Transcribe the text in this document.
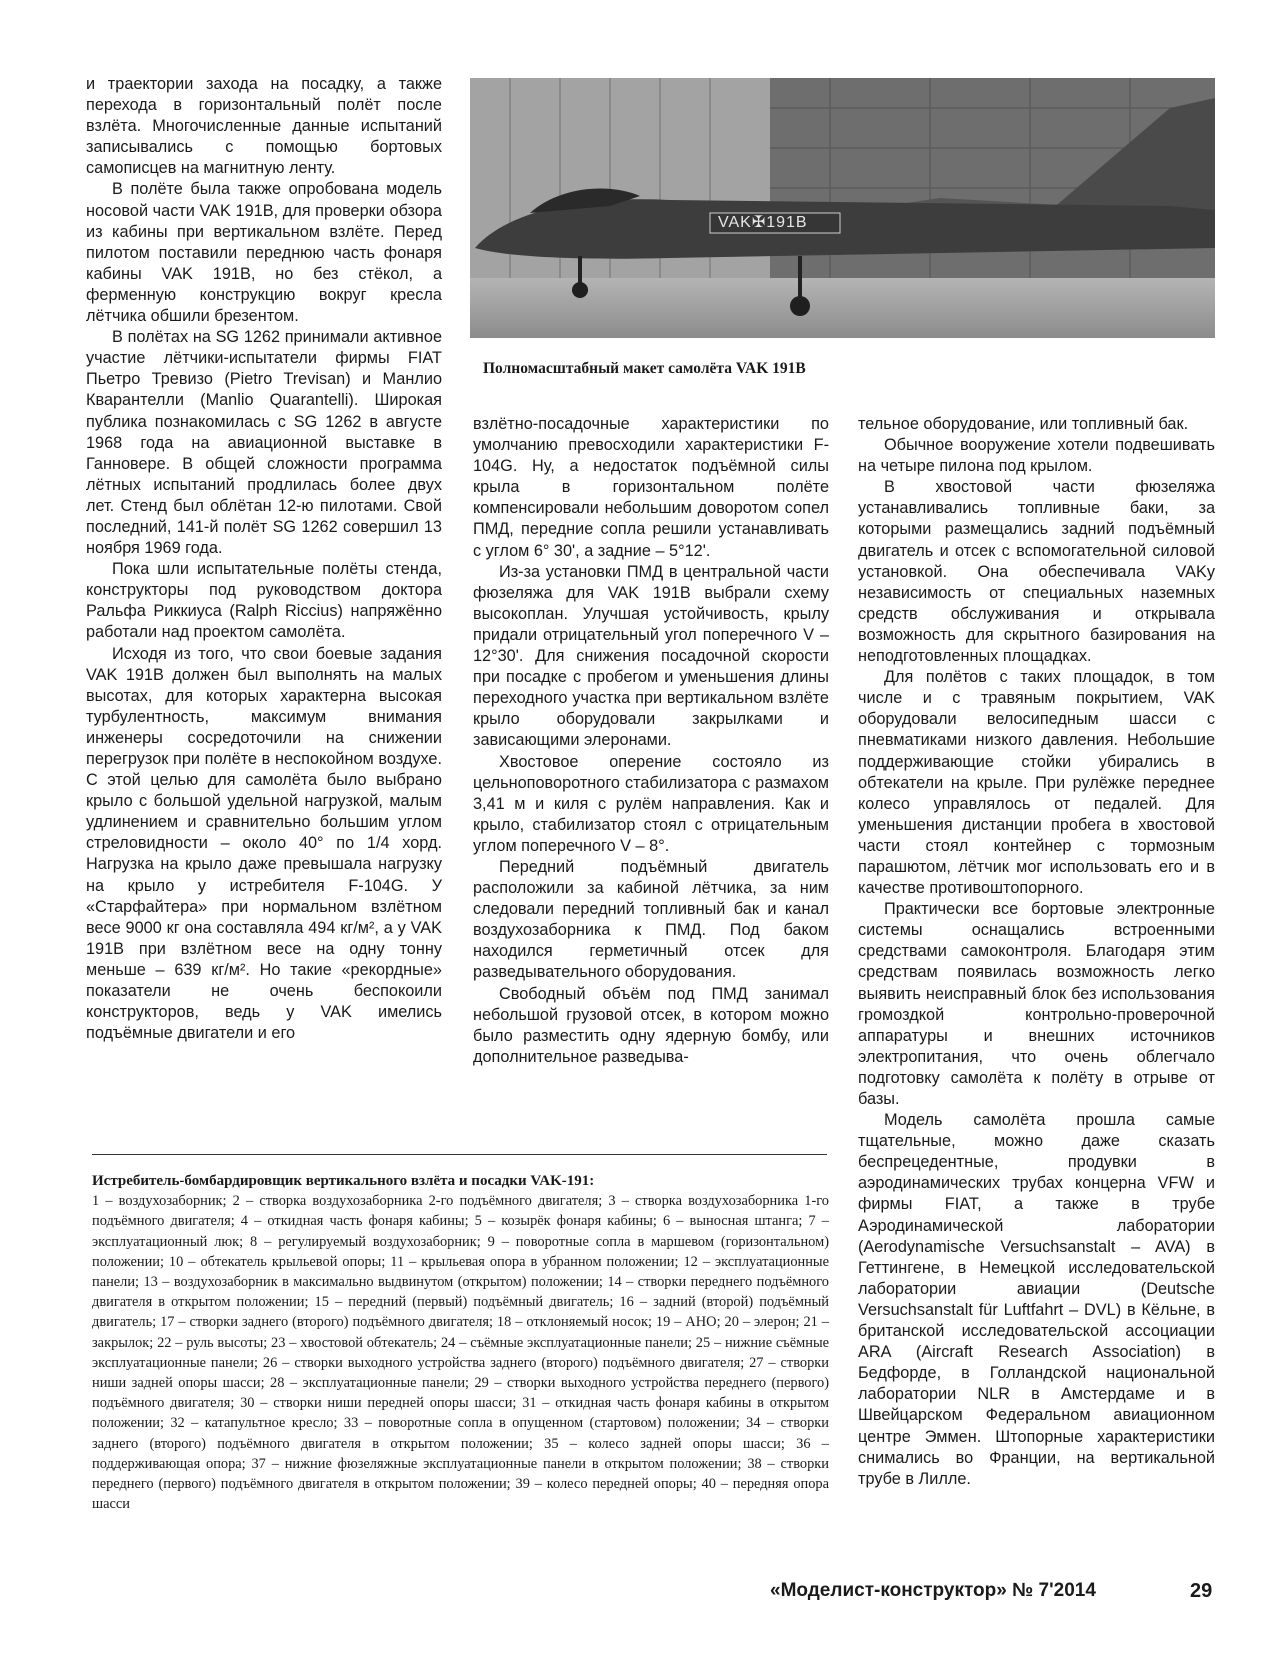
и траектории захода на посадку, а также перехода в горизонтальный полёт после взлёта. Многочисленные данные испытаний записывались с помощью бортовых самописцев на магнитную ленту.

В полёте была также опробована модель носовой части VAK 191B, для проверки обзора из кабины при вертикальном взлёте. Перед пилотом поставили переднюю часть фонаря кабины VAK 191B, но без стёкол, а ферменную конструкцию вокруг кресла лётчика обшили брезентом.

В полётах на SG 1262 принимали активное участие лётчики-испытатели фирмы FIAT Пьетро Тревизо (Pietro Trevisan) и Манлио Кварантелли (Manlio Quarantelli). Широкая публика познакомилась с SG 1262 в августе 1968 года на авиационной выставке в Ганновере. В общей сложности программа лётных испытаний продлилась более двух лет. Стенд был облётан 12-ю пилотами. Свой последний, 141-й полёт SG 1262 совершил 13 ноября 1969 года.

Пока шли испытательные полёты стенда, конструкторы под руководством доктора Ральфа Риккиуса (Ralph Riccius) напряжённо работали над проектом самолёта.

Исходя из того, что свои боевые задания VAK 191B должен был выполнять на малых высотах, для которых характерна высокая турбулентность, максимум внимания инженеры сосредоточили на снижении перегрузок при полёте в неспокойном воздухе. С этой целью для самолёта было выбрано крыло с большой удельной нагрузкой, малым удлинением и сравнительно большим углом стреловидности – около 40° по 1/4 хорд. Нагрузка на крыло даже превышала нагрузку на крыло у истребителя F-104G. У «Старфайтера» при нормальном взлётном весе 9000 кг она составляла 494 кг/м², а у VAK 191B при взлётном весе на одну тонну меньше – 639 кг/м². Но такие «рекордные» показатели не очень беспокоили конструкторов, ведь у VAK имелись подъёмные двигатели и его

VAK✠191B
Полномасштабный макет самолёта VAK 191B

взлётно-посадочные характеристики по умолчанию превосходили характеристики F-104G. Ну, а недостаток подъёмной силы крыла в горизонтальном полёте компенсировали небольшим доворотом сопел ПМД, передние сопла решили устанавливать с углом 6° 30', а задние – 5°12'.

Из-за установки ПМД в центральной части фюзеляжа для VAK 191B выбрали схему высокоплан. Улучшая устойчивость, крылу придали отрицательный угол поперечного V – 12°30'. Для снижения посадочной скорости при посадке с пробегом и уменьшения длины переходного участка при вертикальном взлёте крыло оборудовали закрылками и зависающими элеронами.

Хвостовое оперение состояло из цельноповоротного стабилизатора с размахом 3,41 м и киля с рулём направления. Как и крыло, стабилизатор стоял с отрицательным углом поперечного V – 8°.

Передний подъёмный двигатель расположили за кабиной лётчика, за ним следовали передний топливный бак и канал воздухозаборника к ПМД. Под баком находился герметичный отсек для разведывательного оборудования.

Свободный объём под ПМД занимал небольшой грузовой отсек, в котором можно было разместить одну ядерную бомбу, или дополнительное разведыва-

тельное оборудование, или топливный бак.

Обычное вооружение хотели подвешивать на четыре пилона под крылом.

В хвостовой части фюзеляжа устанавливались топливные баки, за которыми размещались задний подъёмный двигатель и отсек с вспомогательной силовой установкой. Она обеспечивала VAKу независимость от специальных наземных средств обслуживания и открывала возможность для скрытного базирования на неподготовленных площадках.

Для полётов с таких площадок, в том числе и с травяным покрытием, VAK оборудовали велосипедным шасси с пневматиками низкого давления. Небольшие поддерживающие стойки убирались в обтекатели на крыле. При рулёжке переднее колесо управлялось от педалей. Для уменьшения дистанции пробега в хвостовой части стоял контейнер с тормозным парашютом, лётчик мог использовать его и в качестве противоштопорного.

Практически все бортовые электронные системы оснащались встроенными средствами самоконтроля. Благодаря этим средствам появилась возможность легко выявить неисправный блок без использования громоздкой контрольно-проверочной аппаратуры и внешних источников электропитания, что очень облегчало подготовку самолёта к полёту в отрыве от базы.

Модель самолёта прошла самые тщательные, можно даже сказать беспрецедентные, продувки в аэродинамических трубах концерна VFW и фирмы FIAT, а также в трубе Аэродинамической лаборатории (Aerodynamische Versuchsanstalt – AVA) в Геттингене, в Немецкой исследовательской лаборатории авиации (Deutsche Versuchsanstalt für Luftfahrt – DVL) в Кёльне, в британской исследовательской ассоциации ARA (Aircraft Research Association) в Бедфорде, в Голландской национальной лаборатории NLR в Амстердаме и в Швейцарском Федеральном авиационном центре Эммен. Штопорные характеристики снимались во Франции, на вертикальной трубе в Лилле.

Истребитель-бомбардировщик вертикального взлёта и посадки VAK-191:
1 – воздухозаборник; 2 – створка воздухозаборника 2-го подъёмного двигателя; 3 – створка воздухозаборника 1-го подъёмного двигателя; 4 – откидная часть фонаря кабины; 5 – козырёк фонаря кабины; 6 – выносная штанга; 7 – эксплуатационный люк; 8 – регулируемый воздухозаборник; 9 – поворотные сопла в маршевом (горизонтальном) положении; 10 – обтекатель крыльевой опоры; 11 – крыльевая опора в убранном положении; 12 – эксплуатационные панели; 13 – воздухозаборник в максимально выдвинутом (открытом) положении; 14 – створки переднего подъёмного двигателя в открытом положении; 15 – передний (первый) подъёмный двигатель; 16 – задний (второй) подъёмный двигатель; 17 – створки заднего (второго) подъёмного двигателя; 18 – отклоняемый носок; 19 – АНО; 20 – элерон; 21 – закрылок; 22 – руль высоты; 23 – хвостовой обтекатель; 24 – съёмные эксплуатационные панели; 25 – нижние съёмные эксплуатационные панели; 26 – створки выходного устройства заднего (второго) подъёмного двигателя; 27 – створки ниши задней опоры шасси; 28 – эксплуатационные панели; 29 – створки выходного устройства переднего (первого) подъёмного двигателя; 30 – створки ниши передней опоры шасси; 31 – откидная часть фонаря кабины в открытом положении; 32 – катапультное кресло; 33 – поворотные сопла в опущенном (стартовом) положении; 34 – створки заднего (второго) подъёмного двигателя в открытом положении; 35 – колесо задней опоры шасси; 36 – поддерживающая опора; 37 – нижние фюзеляжные эксплуатационные панели в открытом положении; 38 – створки переднего (первого) подъёмного двигателя в открытом положении; 39 – колесо передней опоры; 40 – передняя опора шасси
«Моделист-конструктор» № 7'2014	29
